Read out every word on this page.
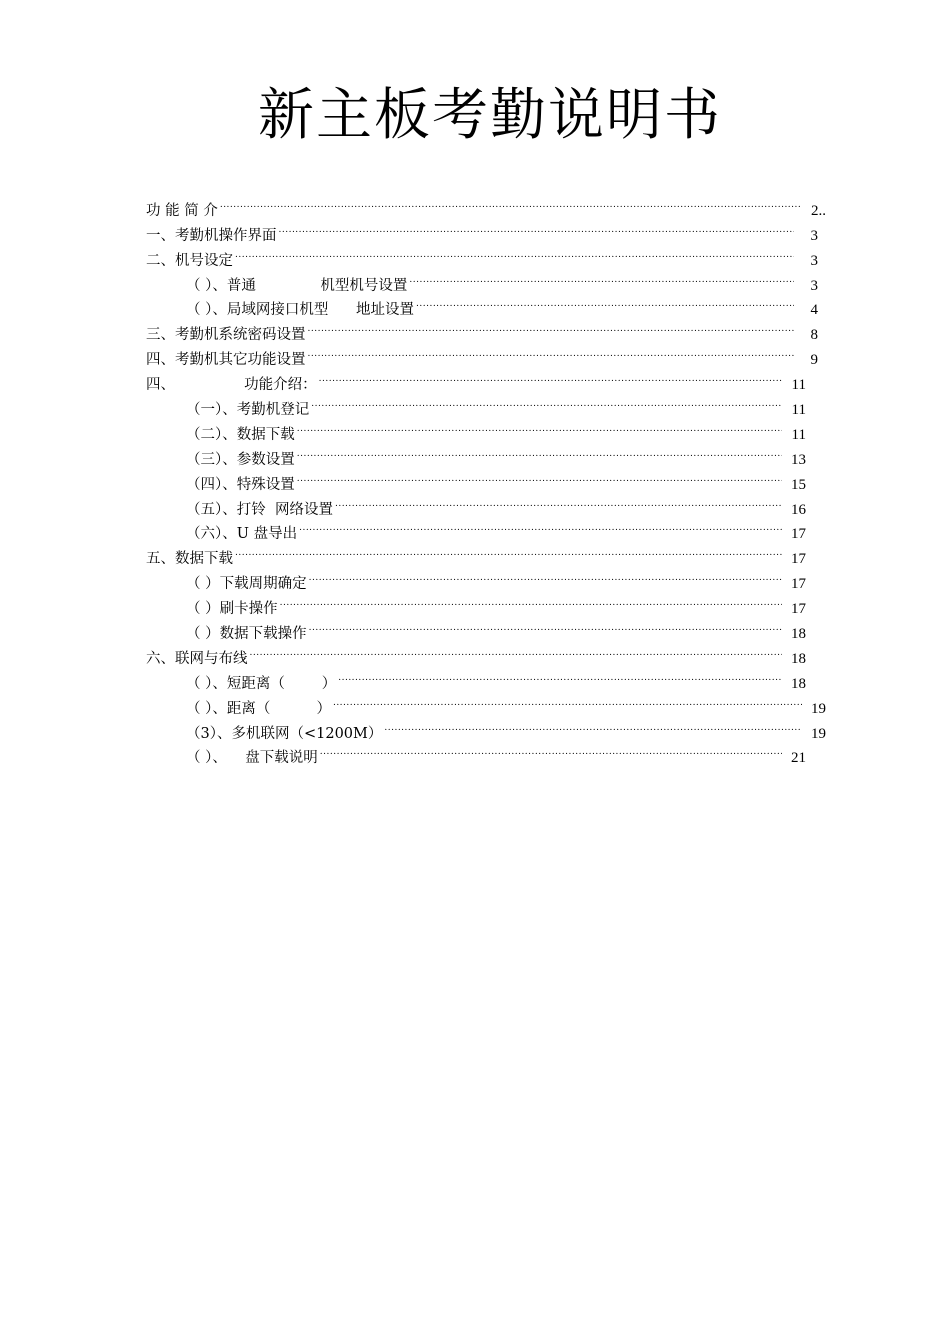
新主板考勤说明书
功 能 简 介 .....	2..
一、考勤机操作界面 .....	3
二、机号设定 .....	3
（ ）、普通              机型机号设置 .....	3
（ ）、局域网接口机型      地址设置 .....	4
三、考勤机系统密码设置 .....	8
四、考勤机其它功能设置 .....	9
四、               功能介绍： .....	11
（一）、考勤机登记 .....	11
（二）、数据下载 .....	11
（三）、参数设置 .....	13
（四）、特殊设置 .....	15
（五）、打铃  网络设置 .....	16
（六）、U 盘导出 .....	17
五、数据下载 .....	17
（ ）下载周期确定 .....	17
（ ）刷卡操作 .....	17
（ ）数据下载操作 .....	18
六、联网与布线 .....	18
（ ）、短距离（        ） .....	18
（ ）、距离（          ） .....	19
（3）、多机联网（<1200M） .....	19
（ ）、    盘下载说明 .....	21
